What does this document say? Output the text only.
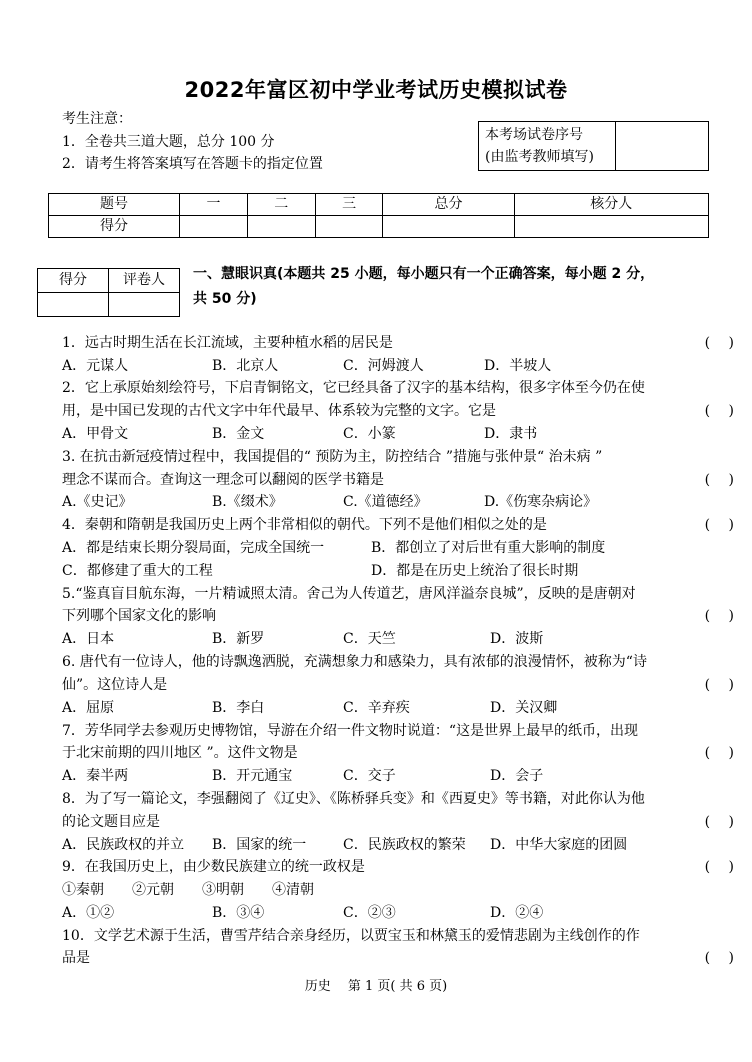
2022年富区初中学业考试历史模拟试卷
考生注意：
1．全卷共三道大题，总分 100 分
2．请考生将答案填写在答题卡的指定位置
本考场试卷序号
(由监考教师填写)

题号	一	二	三	总分	核分人
得分					
得分	评卷人
	一、慧眼识真(本题共 25 小题，每小题只有一个正确答案，每小题 2 分，
共 50 分)
1．远古时期生活在长江流域，主要种植水稻的居民是	(　 )
A．元谋人	B．北京人	C．河姆渡人	D．半坡人
2．它上承原始刻绘符号，下启青铜铭文，它已经具备了汉字的基本结构，很多字体至今仍在使
用，是中国已发现的古代文字中年代最早、体系较为完整的文字。它是	(　 )
A．甲骨文	B．金文	C．小篆	D．隶书
3. 在抗击新冠疫情过程中，我国提倡的“ 预防为主，防控结合 ”措施与张仲景“ 治未病 ”
理念不谋而合。查询这一理念可以翻阅的医学书籍是	(　 )
A.《史记》	B.《缀术》	C.《道德经》	D.《伤寒杂病论》
4．秦朝和隋朝是我国历史上两个非常相似的朝代。下列不是他们相似之处的是	(　 )
A．都是结束长期分裂局面，完成全国统一	B．都创立了对后世有重大影响的制度
C．都修建了重大的工程	D．都是在历史上统治了很长时期
5.“鉴真盲目航东海，一片精诚照太清。舍己为人传道艺，唐风洋溢奈良城”，反映的是唐朝对
下列哪个国家文化的影响	(　 )
A．日本	B．新罗	C．天竺	D．波斯
6. 唐代有一位诗人，他的诗飘逸洒脱，充满想象力和感染力，具有浓郁的浪漫情怀，被称为“诗
仙”。这位诗人是	(　 )
A．屈原	B．李白	C．辛弃疾	D．关汉卿
7．芳华同学去参观历史博物馆，导游在介绍一件文物时说道：“这是世界上最早的纸币，出现
于北宋前期的四川地区 ”。这件文物是	(　 )
A．秦半两	B．开元通宝	C．交子	D．会子
8．为了写一篇论文，李强翻阅了《辽史》、《陈桥驿兵变》和《西夏史》等书籍，对此你认为他
的论文题目应是	(　 )
A．民族政权的并立 B．国家的统一	C．民族政权的繁荣 D．中华大家庭的团圆
9．在我国历史上，由少数民族建立的统一政权是	(　 )
①秦朝　　②元朝　　③明朝　　④清朝
A．①②	B．③④	C．②③	D．②④
10．文学艺术源于生活，曹雪芹结合亲身经历，以贾宝玉和林黛玉的爱情悲剧为主线创作的作
品是	(　 )
历史　 第 1 页( 共 6 页)
